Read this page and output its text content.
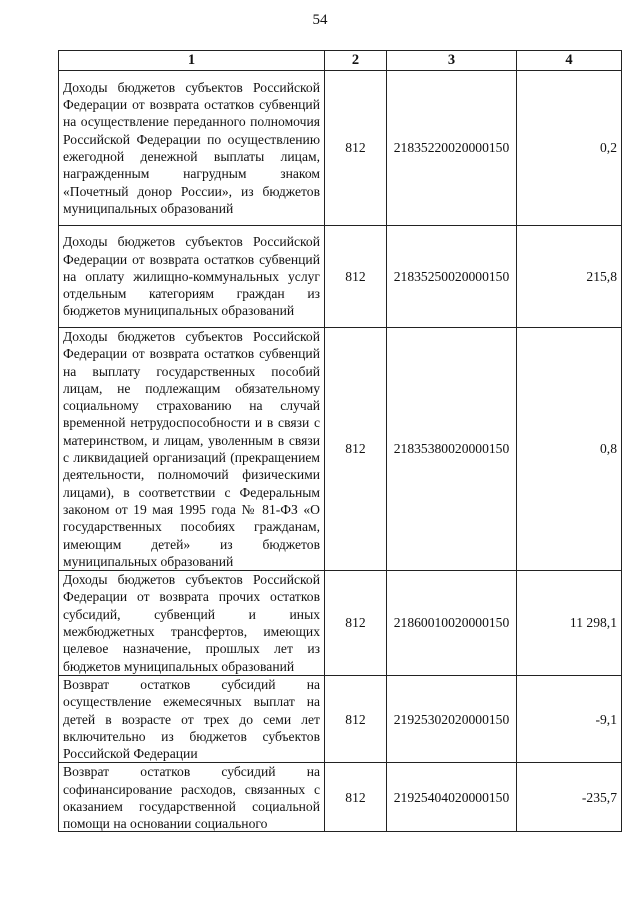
54
1	2	3	4
Доходы бюджетов субъектов Российской Федерации от возврата остатков субвенций на осуществление переданного полномочия Российской Федерации по осуществлению ежегодной денежной выплаты лицам, награжденным нагрудным знаком «Почетный донор России», из бюджетов муниципальных образований	812	21835220020000150	0,2
Доходы бюджетов субъектов Российской Федерации от возврата остатков субвенций на оплату жилищно-коммунальных услуг отдельным категориям граждан из бюджетов муниципальных образований	812	21835250020000150	215,8
Доходы бюджетов субъектов Российской Федерации от возврата остатков субвенций на выплату государственных пособий лицам, не подлежащим обязательному социальному страхованию на случай временной нетрудоспособности и в связи с материнством, и лицам, уволенным в связи с ликвидацией организаций (прекращением деятельности, полномочий физическими лицами), в соответствии с Федеральным законом от 19 мая 1995 года № 81-ФЗ «О государственных пособиях гражданам, имеющим детей» из бюджетов муниципальных образований	812	21835380020000150	0,8
Доходы бюджетов субъектов Российской Федерации от возврата прочих остатков субсидий, субвенций и иных межбюджетных трансфертов, имеющих целевое назначение, прошлых лет из бюджетов муниципальных образований	812	21860010020000150	11 298,1
Возврат остатков субсидий на осуществление ежемесячных выплат на детей в возрасте от трех до семи лет включительно из бюджетов субъектов Российской Федерации	812	21925302020000150	-9,1

Возврат остатков субсидий на софинансирование расходов, связанных с оказанием государственной социальной помощи на основании социального	812	21925404020000150	-235,7
